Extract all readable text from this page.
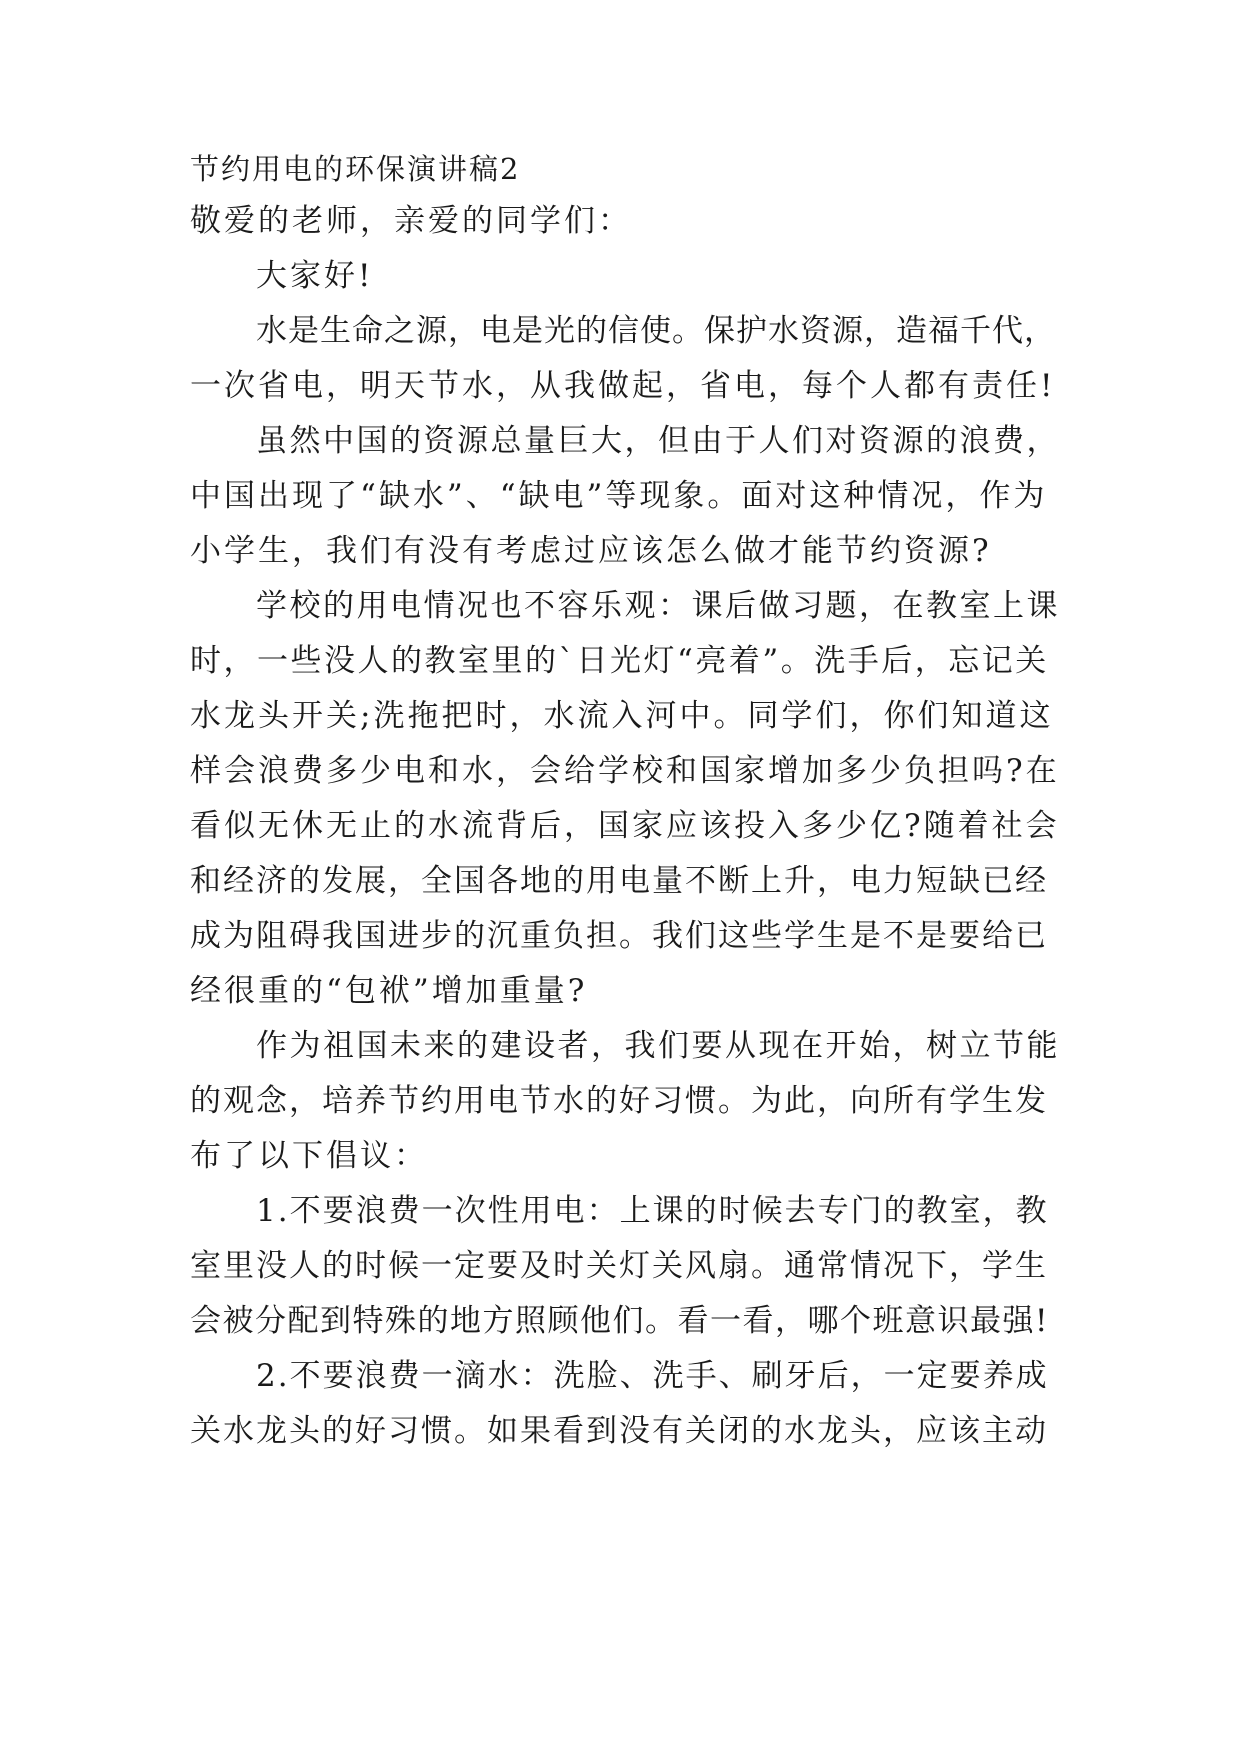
节约用电的环保演讲稿2
敬爱的老师，亲爱的同学们：
大家好!
水是生命之源，电是光的信使。保护水资源，造福千代，
一次省电，明天节水，从我做起，省电，每个人都有责任!
虽然中国的资源总量巨大，但由于人们对资源的浪费，
中国出现了“缺水”、“缺电”等现象。面对这种情况，作为
小学生，我们有没有考虑过应该怎么做才能节约资源?
学校的用电情况也不容乐观：课后做习题，在教室上课
时，一些没人的教室里的`日光灯“亮着”。洗手后，忘记关
水龙头开关;洗拖把时，水流入河中。同学们，你们知道这
样会浪费多少电和水，会给学校和国家增加多少负担吗?在
看似无休无止的水流背后，国家应该投入多少亿?随着社会
和经济的发展，全国各地的用电量不断上升，电力短缺已经
成为阻碍我国进步的沉重负担。我们这些学生是不是要给已
经很重的“包袱”增加重量?
作为祖国未来的建设者，我们要从现在开始，树立节能
的观念，培养节约用电节水的好习惯。为此，向所有学生发
布了以下倡议：
1.不要浪费一次性用电：上课的时候去专门的教室，教
室里没人的时候一定要及时关灯关风扇。通常情况下，学生
会被分配到特殊的地方照顾他们。看一看，哪个班意识最强!
2.不要浪费一滴水：洗脸、洗手、刷牙后，一定要养成
关水龙头的好习惯。如果看到没有关闭的水龙头，应该主动
